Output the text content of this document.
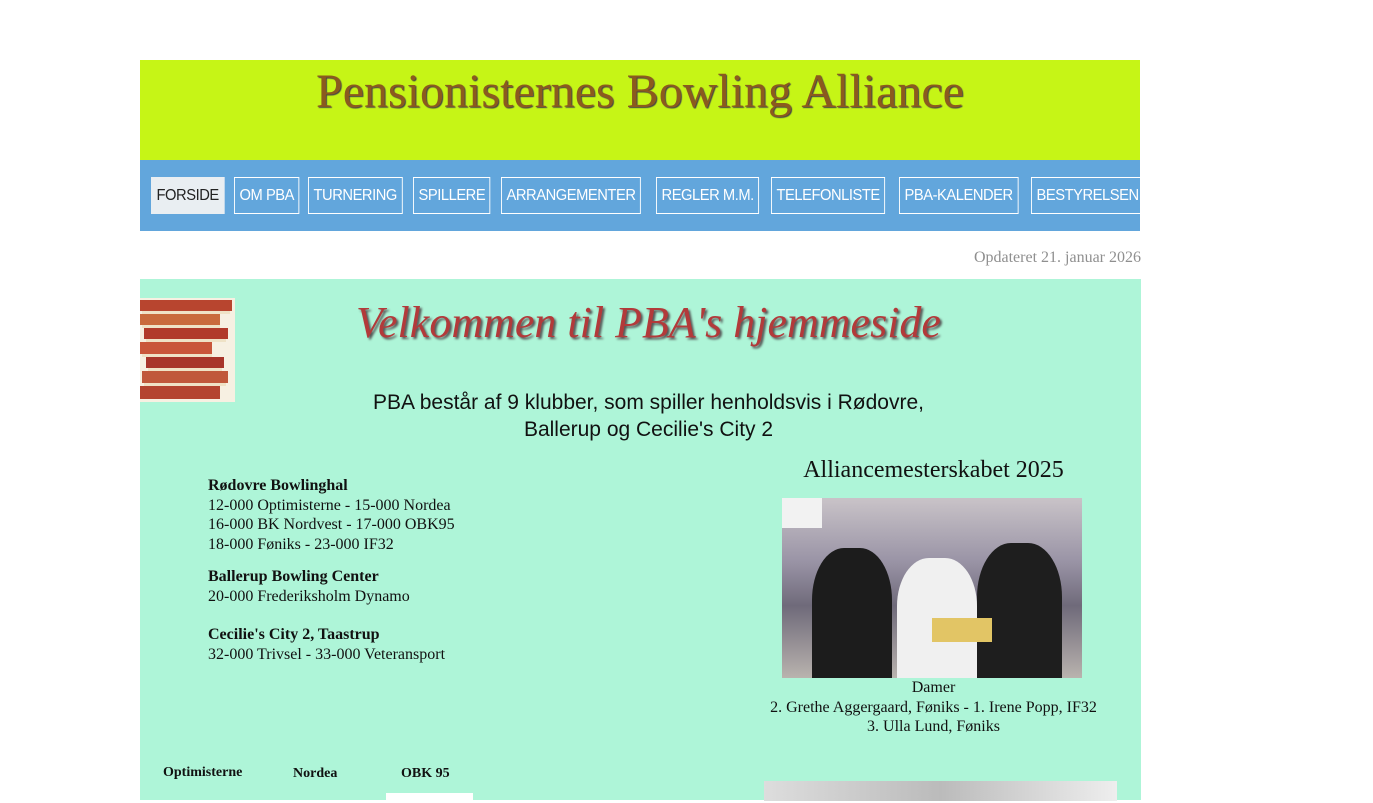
Pensionisternes Bowling Alliance
FORSIDE	OM PBA	TURNERING	SPILLERE	ARRANGEMENTER	REGLER M.M.	TELEFONLISTE	PBA-KALENDER	BESTYRELSEN	BILLEDER	SCORESEDDEL
Opdateret 21. januar 2026
Velkommen til PBA's hjemmeside
PBA består af 9 klubber, som spiller henholdsvis i Rødovre,
Ballerup og Cecilie's City 2
Rødovre Bowlinghal
12-000 Optimisterne - 15-000 Nordea
16-000 BK Nordvest - 17-000 OBK95
18-000 Føniks - 23-000 IF32
Ballerup Bowling Center
20-000 Frederiksholm Dynamo
Cecilie's City 2, Taastrup
32-000 Trivsel - 33-000 Veteransport
Alliancemesterskabet 2025
Damer
2. Grethe Aggergaard, Føniks - 1. Irene Popp, IF32
3. Ulla Lund, Føniks
Optimisterne	Nordea	OBK 95
